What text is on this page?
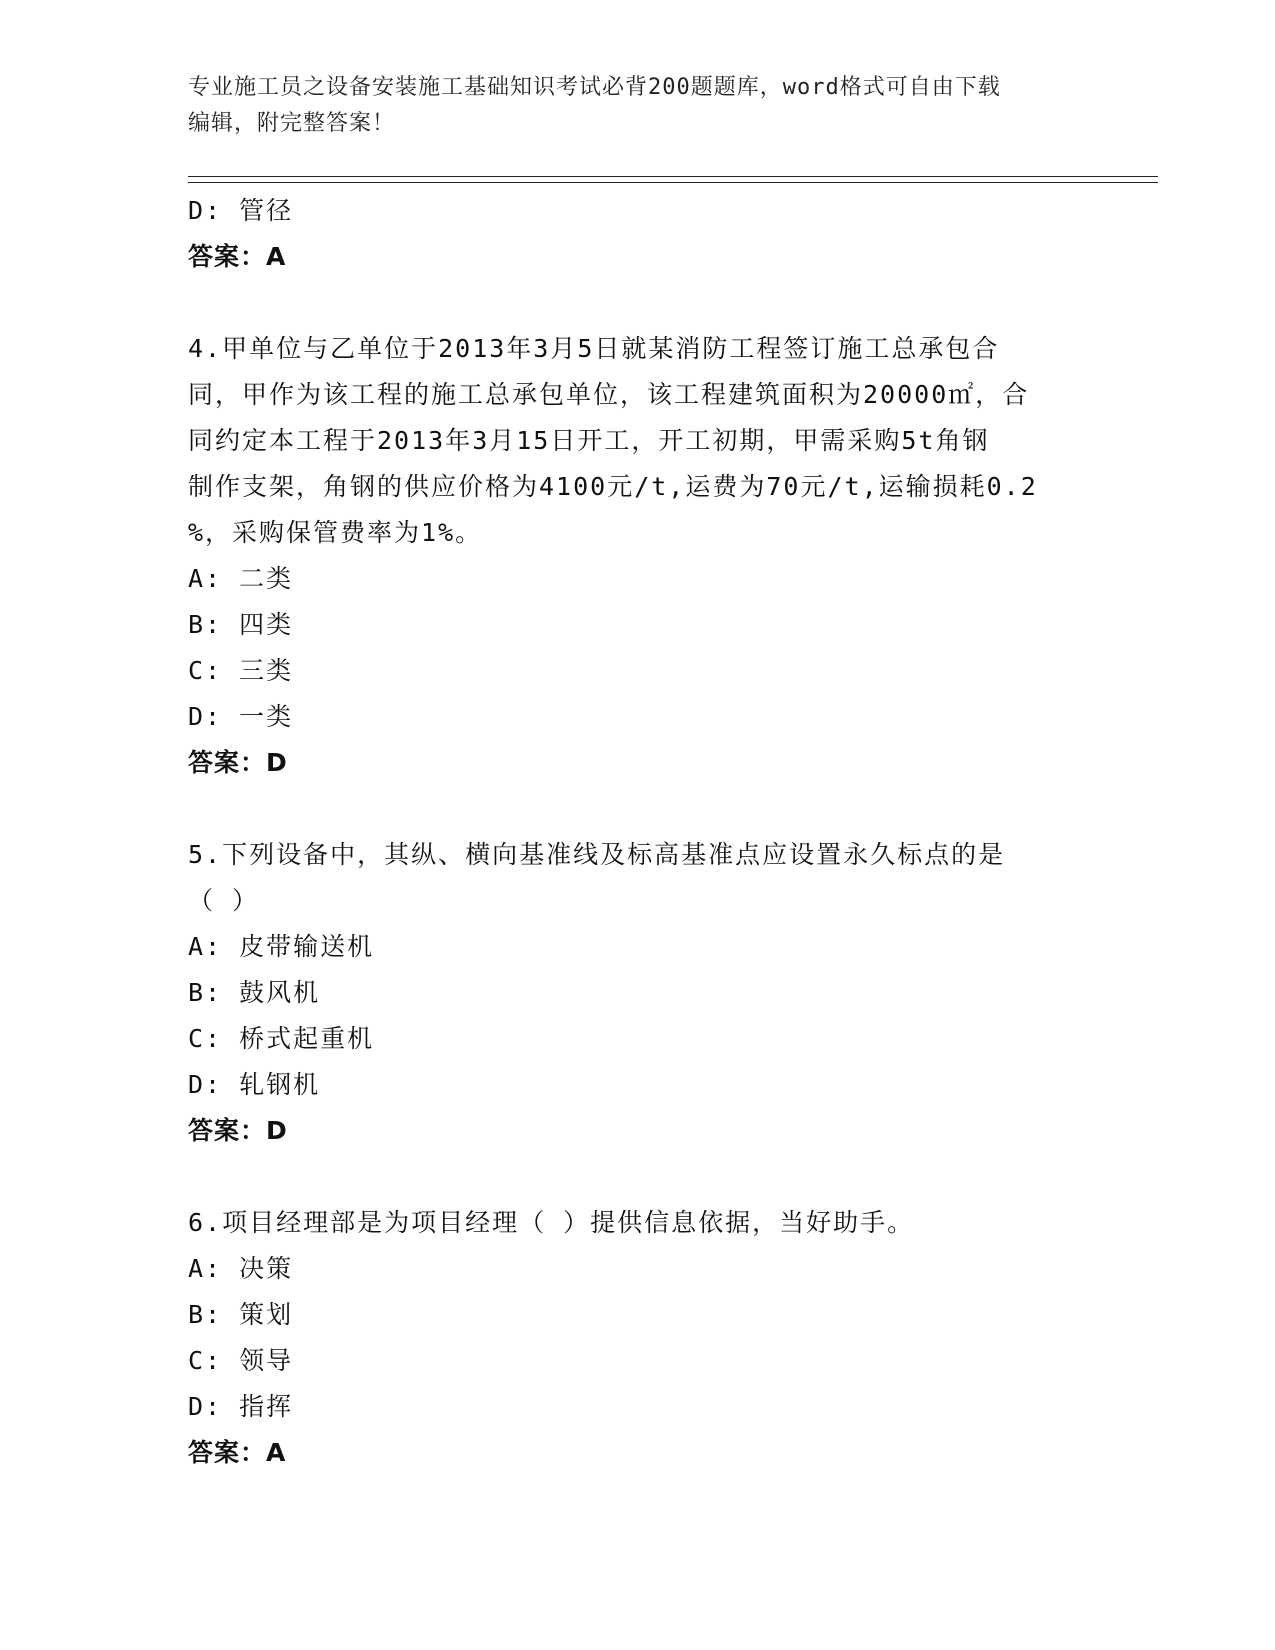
专业施工员之设备安装施工基础知识考试必背200题题库，word格式可自由下载
编辑，附完整答案！
D: 管径
答案：A
4.甲单位与乙单位于2013年3月5日就某消防工程签订施工总承包合
同，甲作为该工程的施工总承包单位，该工程建筑面积为20000㎡，合
同约定本工程于2013年3月15日开工，开工初期，甲需采购5t角钢
制作支架，角钢的供应价格为4100元/t,运费为70元/t,运输损耗0.2
%，采购保管费率为1%。
A: 二类
B: 四类
C: 三类
D: 一类
答案：D
5.下列设备中，其纵、横向基准线及标高基准点应设置永久标点的是
（ ）
A: 皮带输送机
B: 鼓风机
C: 桥式起重机
D: 轧钢机
答案：D
6.项目经理部是为项目经理（ ）提供信息依据，当好助手。
A: 决策
B: 策划
C: 领导
D: 指挥
答案：A
